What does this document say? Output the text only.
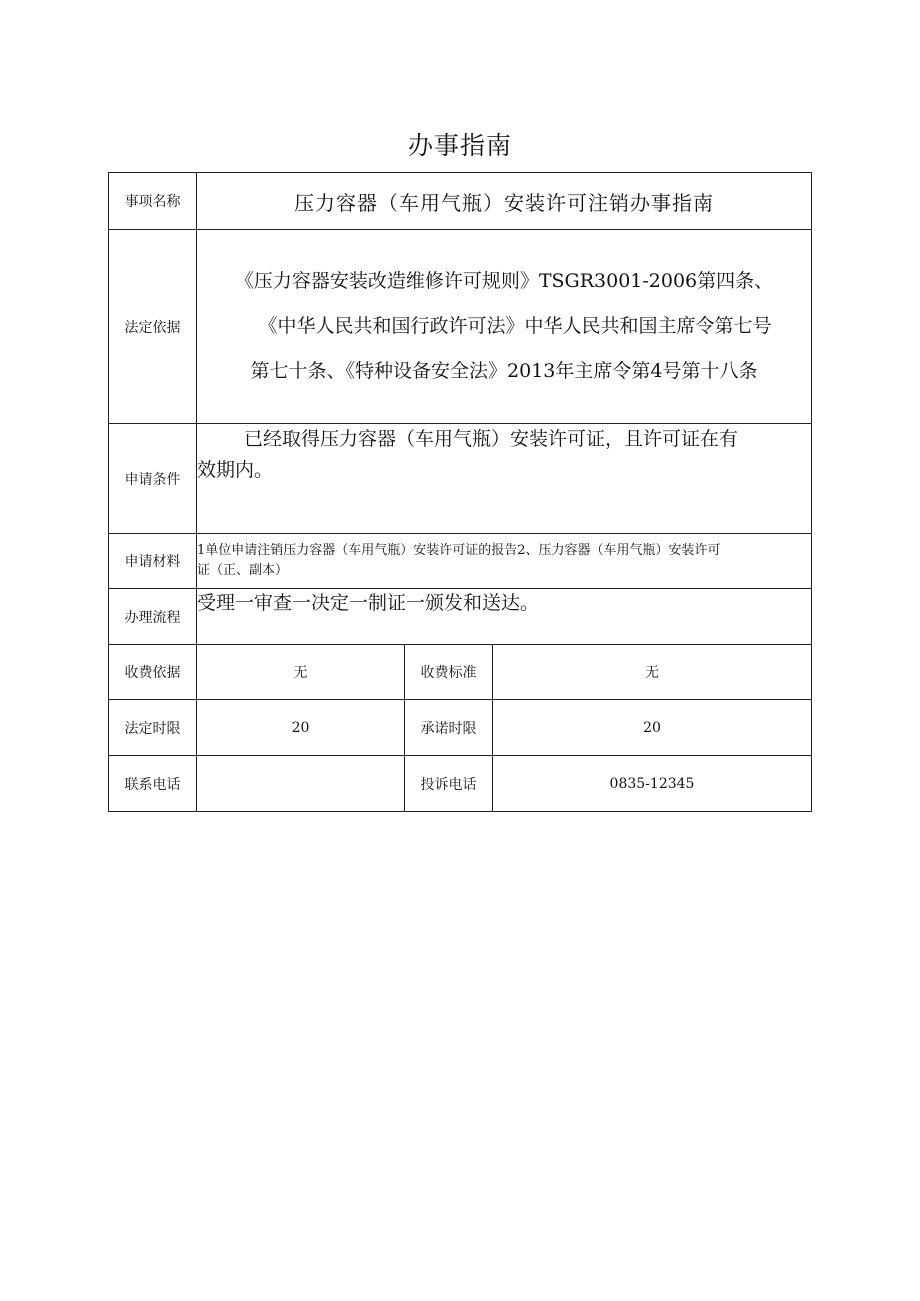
办事指南
事项名称	压力容器（车用气瓶）安装许可注销办事指南		
法定依据	《压力容器安装改造维修许可规则》TSGR3001-2006第四条、
《中华人民共和国行政许可法》中华人民共和国主席令第七号
第七十条、《特种设备安全法》2013年主席令第4号第十八条		

申请条件	已经取得压力容器（车用气瓶）安装许可证，且许可证在有
效期内。		

申请材料	1单位申请注销压力容器（车用气瓶）安装许可证的报告2、压力容器（车用气瓶）安装许可
证（正、副本）		

办理流程	受理一审查一决定一制证一颁发和送达。		
收费依据	无	收费标准	无
法定时限	20	承诺时限	20
联系电话		投诉电话	0835-12345
